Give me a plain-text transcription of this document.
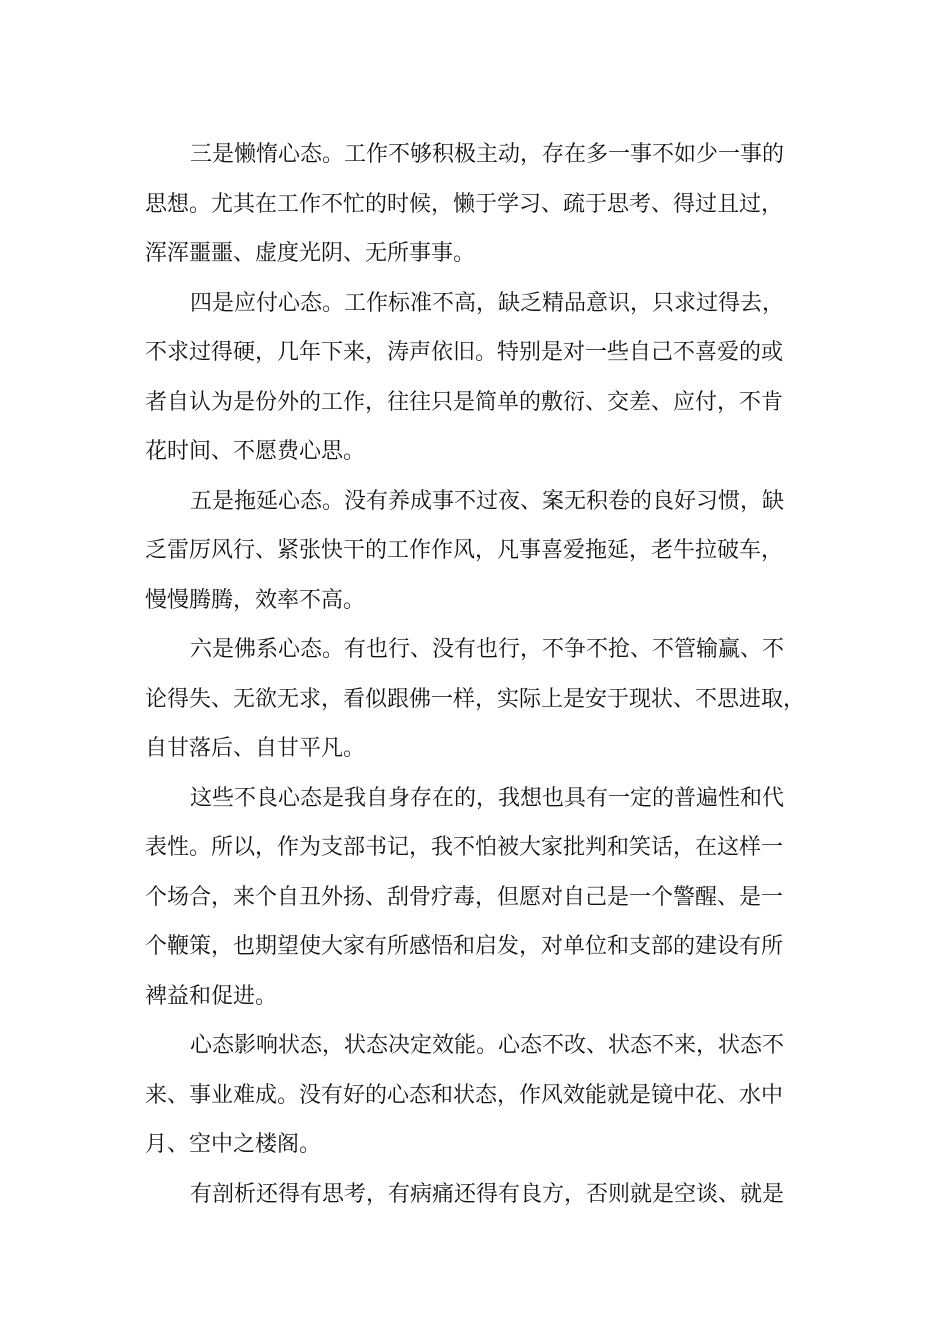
三是懒惰心态。工作不够积极主动，存在多一事不如少一事的
思想。尤其在工作不忙的时候，懒于学习、疏于思考、得过且过，
浑浑噩噩、虚度光阴、无所事事。
四是应付心态。工作标准不高，缺乏精品意识，只求过得去，
不求过得硬，几年下来，涛声依旧。特别是对一些自己不喜爱的或
者自认为是份外的工作，往往只是简单的敷衍、交差、应付，不肯
花时间、不愿费心思。
五是拖延心态。没有养成事不过夜、案无积卷的良好习惯，缺
乏雷厉风行、紧张快干的工作作风，凡事喜爱拖延，老牛拉破车，
慢慢腾腾，效率不高。
六是佛系心态。有也行、没有也行，不争不抢、不管输赢、不
论得失、无欲无求，看似跟佛一样，实际上是安于现状、不思进取，
自甘落后、自甘平凡。
这些不良心态是我自身存在的，我想也具有一定的普遍性和代
表性。所以，作为支部书记，我不怕被大家批判和笑话，在这样一
个场合，来个自丑外扬、刮骨疗毒，但愿对自己是一个警醒、是一
个鞭策，也期望使大家有所感悟和启发，对单位和支部的建设有所
裨益和促进。
心态影响状态，状态决定效能。心态不改、状态不来，状态不
来、事业难成。没有好的心态和状态，作风效能就是镜中花、水中
月、空中之楼阁。
有剖析还得有思考，有病痛还得有良方，否则就是空谈、就是
